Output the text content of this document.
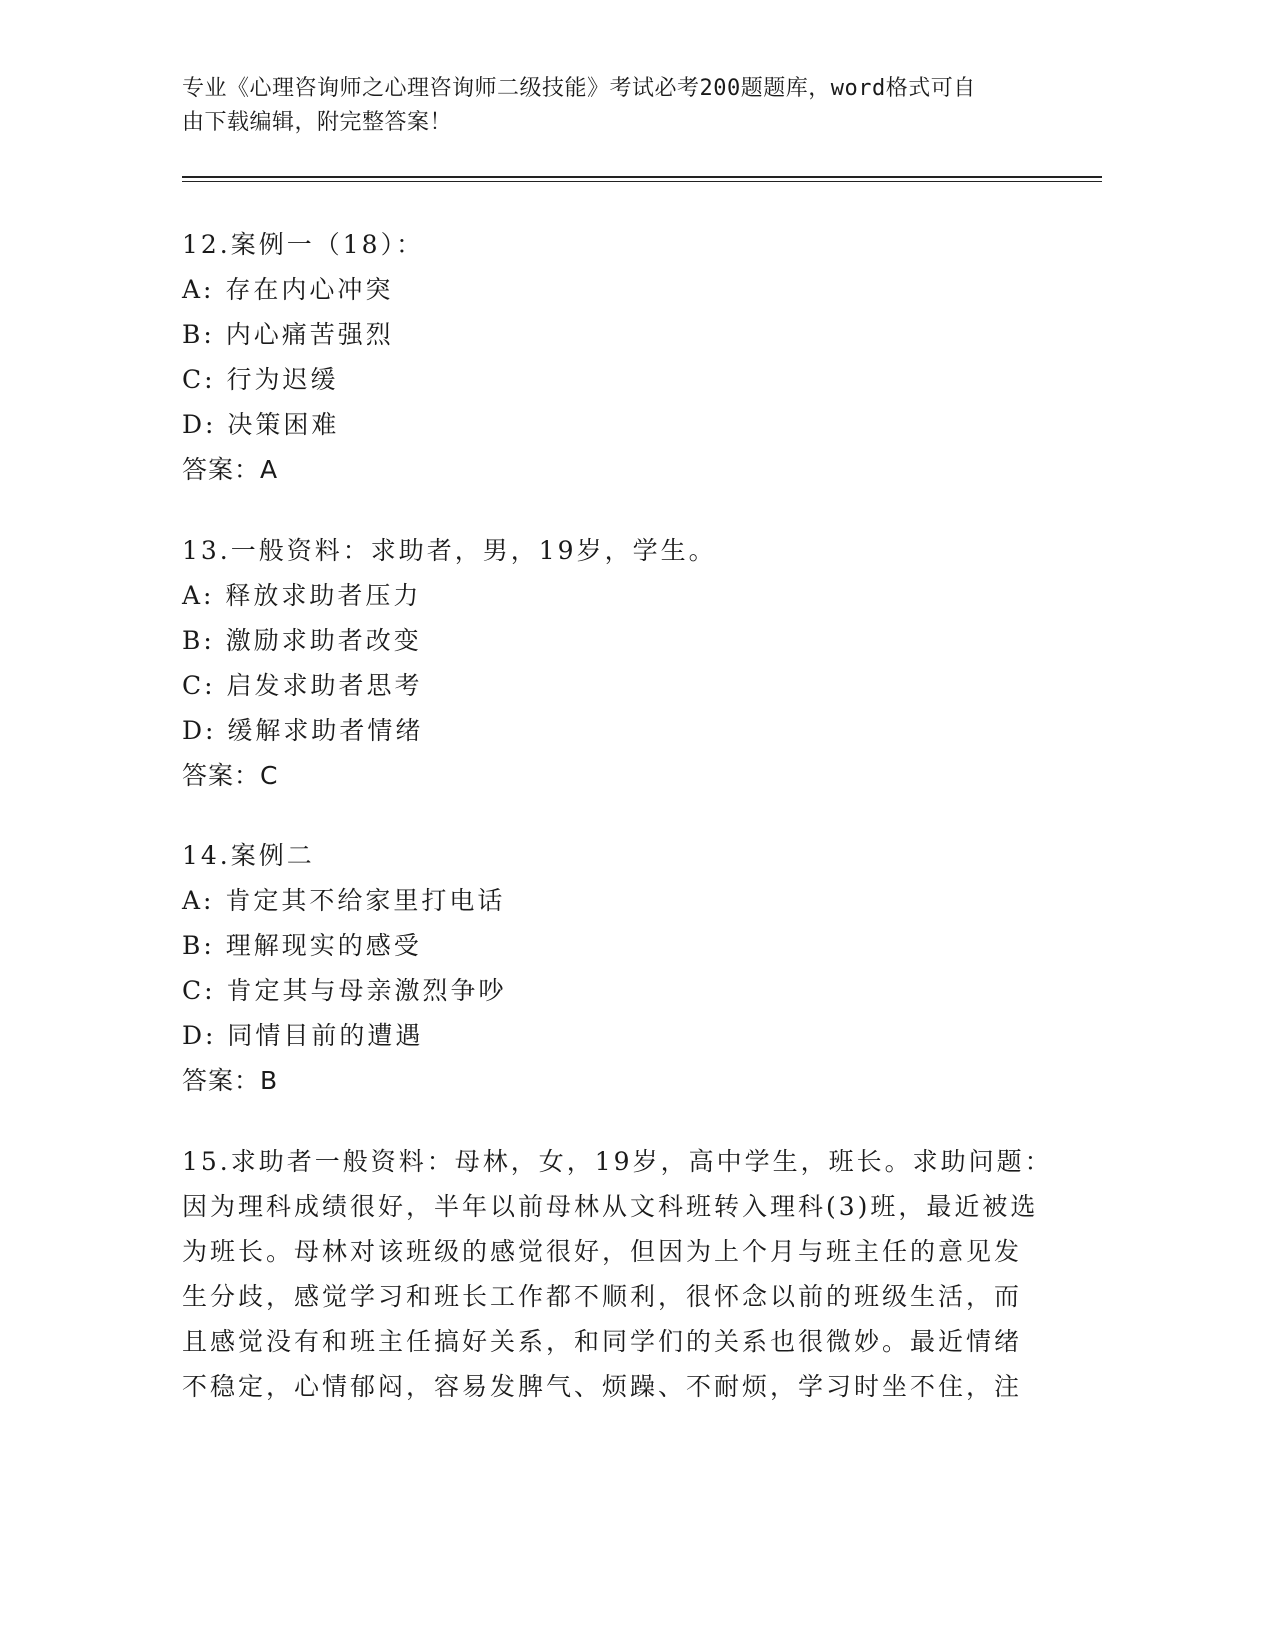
专业《心理咨询师之心理咨询师二级技能》考试必考200题题库，word格式可自
由下载编辑，附完整答案！
12.案例一（18）：
A: 存在内心冲突
B: 内心痛苦强烈
C: 行为迟缓
D: 决策困难
答案：A
13.一般资料：求助者，男，19岁，学生。
A: 释放求助者压力
B: 激励求助者改变
C: 启发求助者思考
D: 缓解求助者情绪
答案：C
14.案例二
A: 肯定其不给家里打电话
B: 理解现实的感受
C: 肯定其与母亲激烈争吵
D: 同情目前的遭遇
答案：B
15.求助者一般资料：母林，女，19岁，高中学生，班长。求助问题：
因为理科成绩很好，半年以前母林从文科班转入理科(3)班，最近被选
为班长。母林对该班级的感觉很好，但因为上个月与班主任的意见发
生分歧，感觉学习和班长工作都不顺利，很怀念以前的班级生活，而
且感觉没有和班主任搞好关系，和同学们的关系也很微妙。最近情绪
不稳定，心情郁闷，容易发脾气、烦躁、不耐烦，学习时坐不住，注
